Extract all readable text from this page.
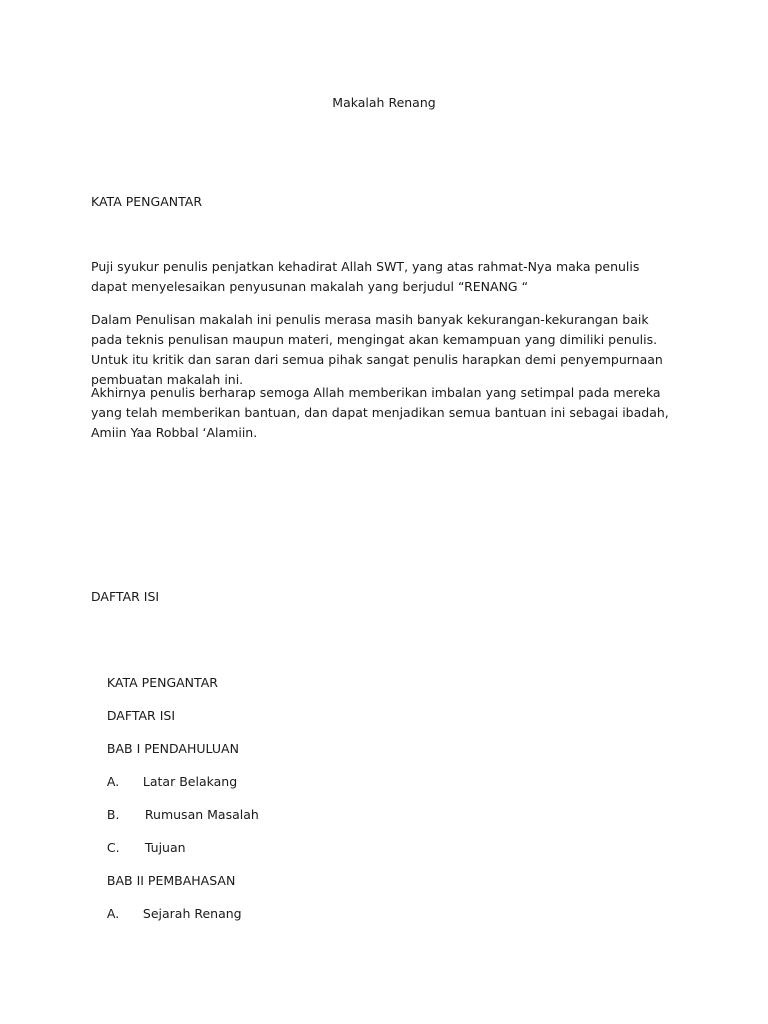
Makalah Renang
KATA PENGANTAR

Puji syukur penulis penjatkan kehadirat Allah SWT, yang atas rahmat-Nya maka penulis dapat menyelesaikan penyusunan makalah yang berjudul “RENANG “

Dalam Penulisan makalah ini penulis merasa masih banyak kekurangan-kekurangan baik pada teknis penulisan maupun materi, mengingat akan kemampuan yang dimiliki penulis. Untuk itu kritik dan saran dari semua pihak sangat penulis harapkan demi penyempurnaan pembuatan makalah ini.

Akhirnya penulis berharap semoga Allah memberikan imbalan yang setimpal pada mereka yang telah memberikan bantuan, dan dapat menjadikan semua bantuan ini sebagai ibadah, Amiin Yaa Robbal ‘Alamiin.

DAFTAR ISI

KATA PENGANTAR

DAFTAR ISI

BAB I PENDAHULUAN

A. Latar Belakang

B. Rumusan Masalah

C. Tujuan

BAB II PEMBAHASAN

A. Sejarah Renang
